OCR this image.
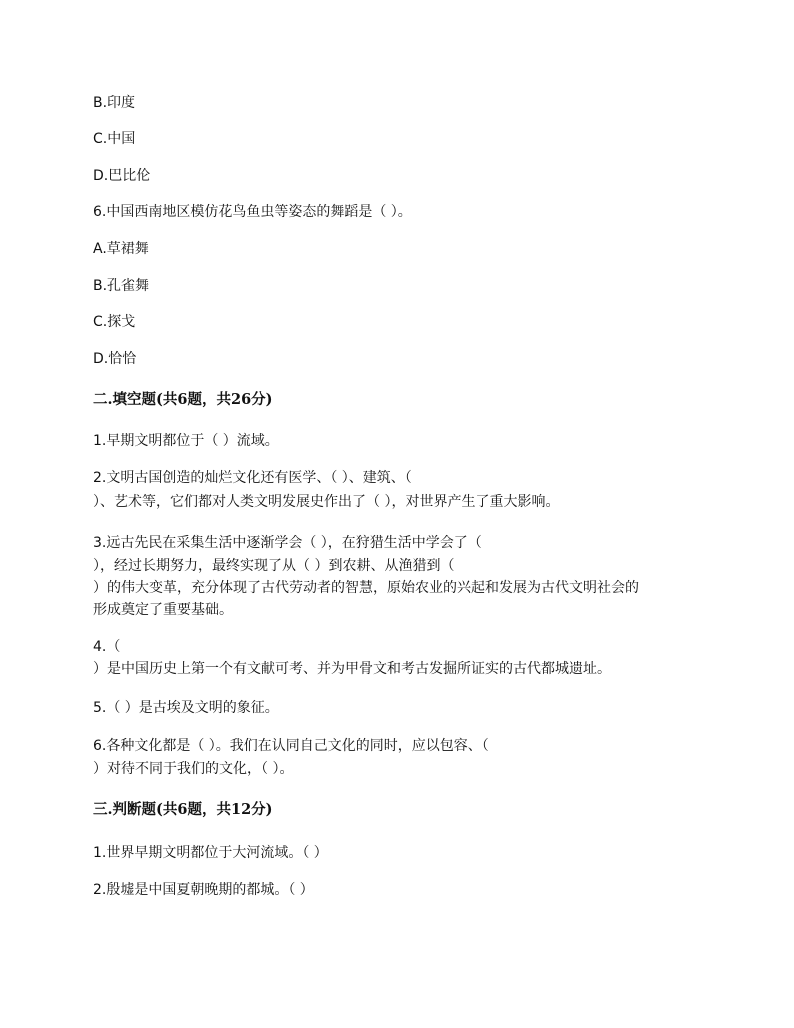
B.印度
C.中国
D.巴比伦
6.中国西南地区模仿花鸟鱼虫等姿态的舞蹈是（ ）。
A.草裙舞
B.孔雀舞
C.探戈
D.恰恰
二.填空题(共6题，共26分)
1.早期文明都位于（ ）流域。
2.文明古国创造的灿烂文化还有医学、（ ）、建筑、（
）、艺术等，它们都对人类文明发展史作出了（ ），对世界产生了重大影响。
3.远古先民在采集生活中逐渐学会（ ），在狩猎生活中学会了（
），经过长期努力，最终实现了从（ ）到农耕、从渔猎到（
）的伟大变革，充分体现了古代劳动者的智慧，原始农业的兴起和发展为古代文明社会的
形成奠定了重要基础。
4.（
）是中国历史上第一个有文献可考、并为甲骨文和考古发掘所证实的古代都城遗址。
5.（ ）是古埃及文明的象征。
6.各种文化都是（ ）。我们在认同自己文化的同时，应以包容、（
）对待不同于我们的文化，（ ）。
三.判断题(共6题，共12分)
1.世界早期文明都位于大河流域。（ ）
2.殷墟是中国夏朝晚期的都城。（ ）
